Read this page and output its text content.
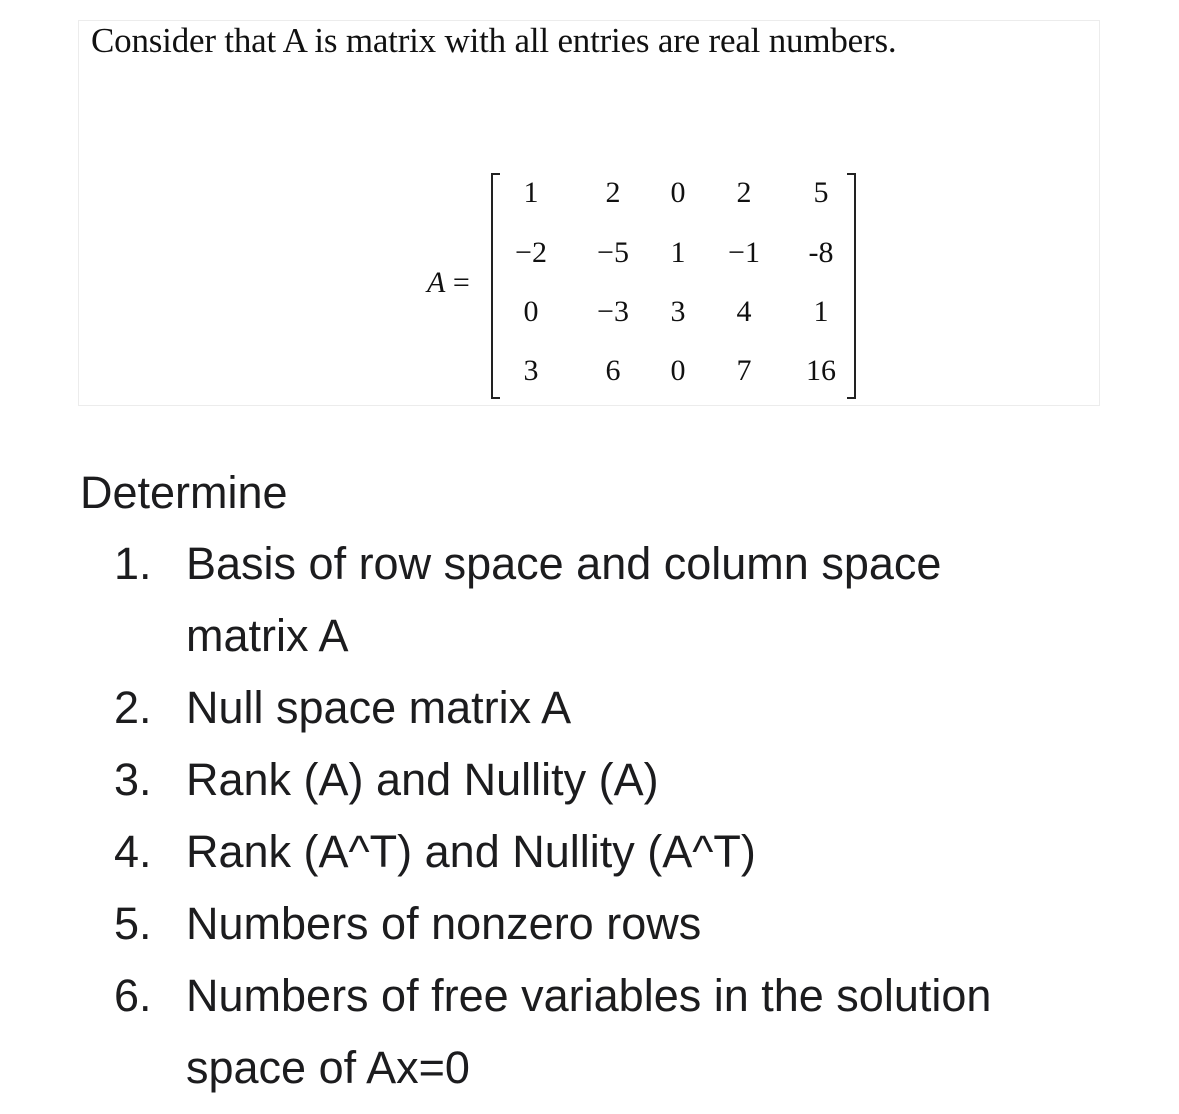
Consider that A is matrix with all entries are real numbers.
A =
1	2	0	2	5
−2	−5	1	−1	-8
0	−3	3	4	1
3	6	0	7	16
Determine
1. Basis of row space and column space matrix A
2. Null space matrix A
3. Rank (A) and Nullity (A)
4. Rank (A^T) and Nullity (A^T)
5. Numbers of nonzero rows
6. Numbers of free variables in the solution space of Ax=0
